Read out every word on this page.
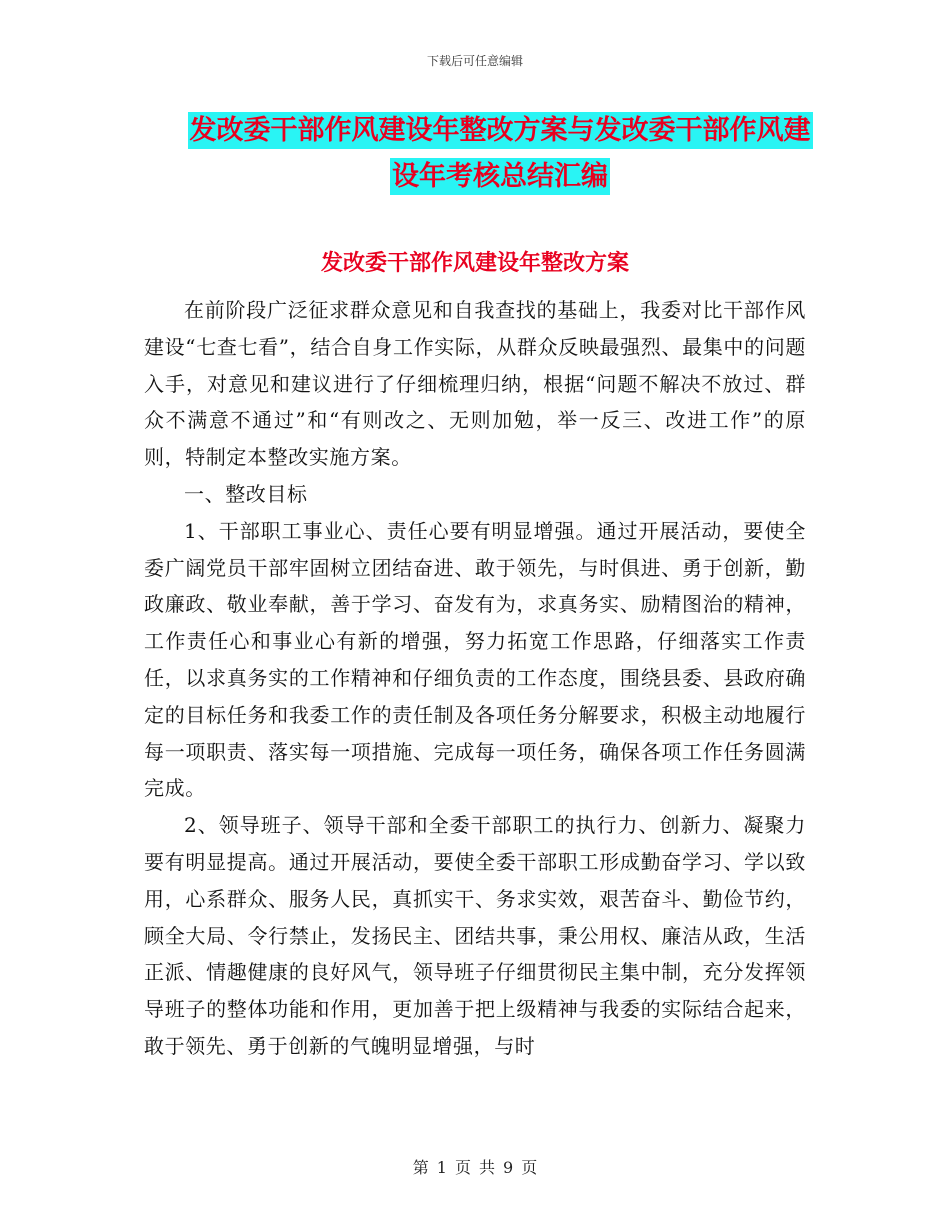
下载后可任意编辑
发改委干部作风建设年整改方案与发改委干部作风建
设年考核总结汇编
发改委干部作风建设年整改方案

在前阶段广泛征求群众意见和自我查找的基础上，我委对比干部作风建设“七查七看”，结合自身工作实际，从群众反映最强烈、最集中的问题入手，对意见和建议进行了仔细梳理归纳，根据“问题不解决不放过、群众不满意不通过”和“有则改之、无则加勉，举一反三、改进工作”的原则，特制定本整改实施方案。

一、整改目标

1、干部职工事业心、责任心要有明显增强。通过开展活动，要使全委广阔党员干部牢固树立团结奋进、敢于领先，与时俱进、勇于创新，勤政廉政、敬业奉献，善于学习、奋发有为，求真务实、励精图治的精神，工作责任心和事业心有新的增强，努力拓宽工作思路，仔细落实工作责任，以求真务实的工作精神和仔细负责的工作态度，围绕县委、县政府确定的目标任务和我委工作的责任制及各项任务分解要求，积极主动地履行每一项职责、落实每一项措施、完成每一项任务，确保各项工作任务圆满完成。

2、领导班子、领导干部和全委干部职工的执行力、创新力、凝聚力要有明显提高。通过开展活动，要使全委干部职工形成勤奋学习、学以致用，心系群众、服务人民，真抓实干、务求实效，艰苦奋斗、勤俭节约，顾全大局、令行禁止，发扬民主、团结共事，秉公用权、廉洁从政，生活正派、情趣健康的良好风气，领导班子仔细贯彻民主集中制，充分发挥领导班子的整体功能和作用，更加善于把上级精神与我委的实际结合起来，敢于领先、勇于创新的气魄明显增强，与时

第 1 页 共 9 页
